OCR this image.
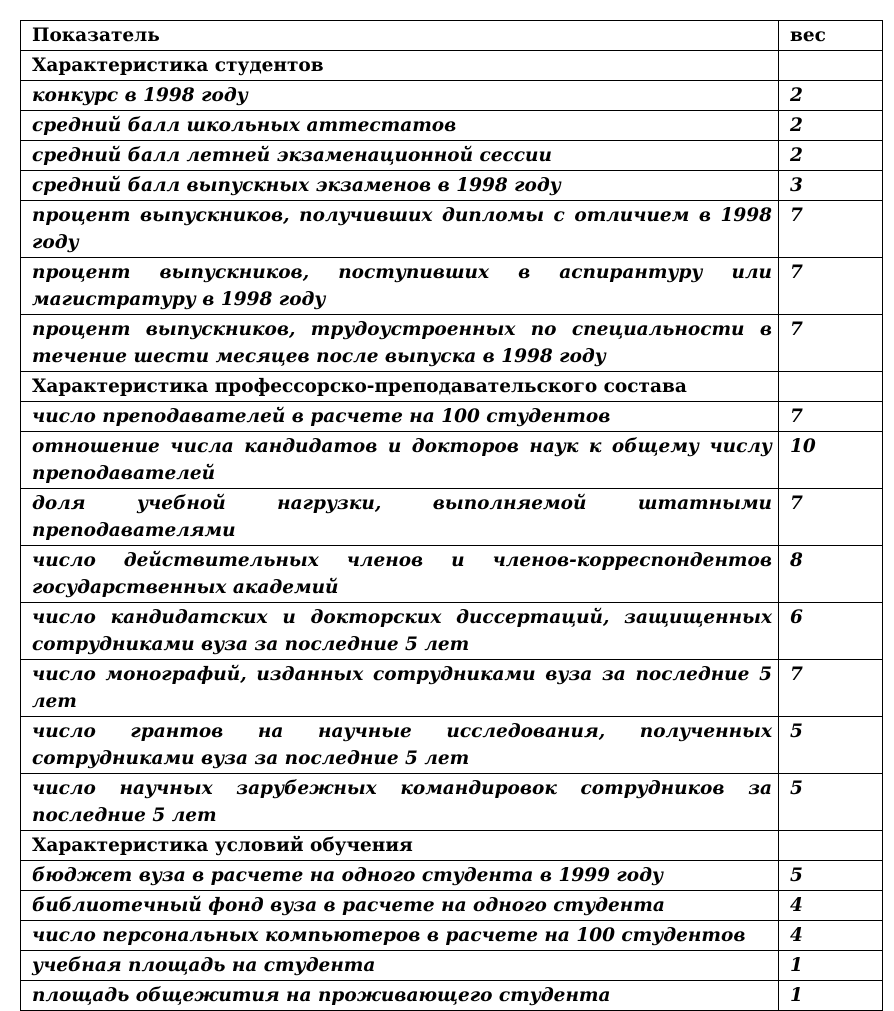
Показатель	вес
Характеристика студентов	
конкурс в 1998 году	2
средний балл школьных аттестатов	2
средний балл летней экзаменационной сессии	2
средний балл выпускных экзаменов в 1998 году	3
процент выпускников, получивших дипломы с отличием в 1998 году	7
процент выпускников, поступивших в аспирантуру или магистратуру в 1998 году	7
процент выпускников, трудоустроенных по специальности в течение шести месяцев после выпуска в 1998 году	7
Характеристика профессорско-преподавательского состава	
число преподавателей в расчете на 100 студентов	7
отношение числа кандидатов и докторов наук к общему числу преподавателей	10
доля учебной нагрузки, выполняемой штатными преподавателями	7
число действительных членов и членов-корреспондентов государственных академий	8
число кандидатских и докторских диссертаций, защищенных сотрудниками вуза за последние 5 лет	6
число монографий, изданных сотрудниками вуза за последние 5 лет	7
число грантов на научные исследования, полученных сотрудниками вуза за последние 5 лет	5
число научных зарубежных командировок сотрудников за последние 5 лет	5
Характеристика условий обучения	
бюджет вуза в расчете на одного студента в 1999 году	5
библиотечный фонд вуза в расчете на одного студента	4
число персональных компьютеров в расчете на 100 студентов	4
учебная площадь на студента	1
площадь общежития на проживающего студента	1
